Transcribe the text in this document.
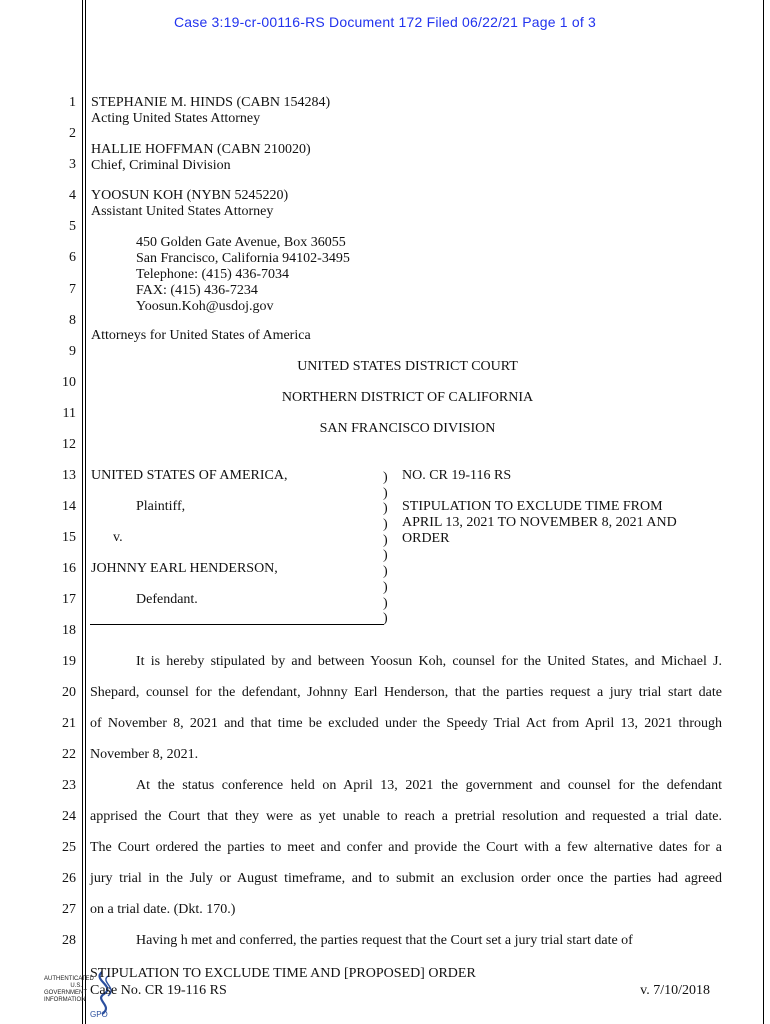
Case 3:19-cr-00116-RS Document 172 Filed 06/22/21 Page 1 of 3
1
2
3
4
5
6
7
8
9
10
11
12
13
14
15
16
17
18
19
20
21
22
23
24
25
26
27
28
STEPHANIE M. HINDS (CABN 154284)
Acting United States Attorney
HALLIE HOFFMAN (CABN 210020)
Chief, Criminal Division
YOOSUN KOH (NYBN 5245220)
Assistant United States Attorney
450 Golden Gate Avenue, Box 36055
San Francisco, California 94102-3495
Telephone: (415) 436-7034
FAX: (415) 436-7234
Yoosun.Koh@usdoj.gov
Attorneys for United States of America
UNITED STATES DISTRICT COURT
NORTHERN DISTRICT OF CALIFORNIA
SAN FRANCISCO DIVISION
UNITED STATES OF AMERICA,
Plaintiff,
v.
JOHNNY EARL HENDERSON,
Defendant.
)
)
)
)
)
)
)
)
)
)
NO. CR 19-116 RS
STIPULATION TO EXCLUDE TIME FROM
APRIL 13, 2021 TO NOVEMBER 8, 2021 AND
ORDER
It is hereby stipulated by and between Yoosun Koh, counsel for the United States, and Michael J.
Shepard, counsel for the defendant, Johnny Earl Henderson, that the parties request a jury trial start date
of November 8, 2021 and that time be excluded under the Speedy Trial Act from April 13, 2021 through
November 8, 2021.
At the status conference held on April 13, 2021 the government and counsel for the defendant
apprised the Court that they were as yet unable to reach a pretrial resolution and requested a trial date.
The Court ordered the parties to meet and confer and provide the Court with a few alternative dates for a
jury trial in the July or August timeframe, and to submit an exclusion order once the parties had agreed
on a trial date. (Dkt. 170.)
Having h met and conferred, the parties request that the Court set a jury trial start date of
AUTHENTICATED
U.S. GOVERNMENT
INFORMATION
GPO
STIPULATION TO EXCLUDE TIME AND [PROPOSED] ORDER
Case No. CR 19-116 RS	v. 7/10/2018
